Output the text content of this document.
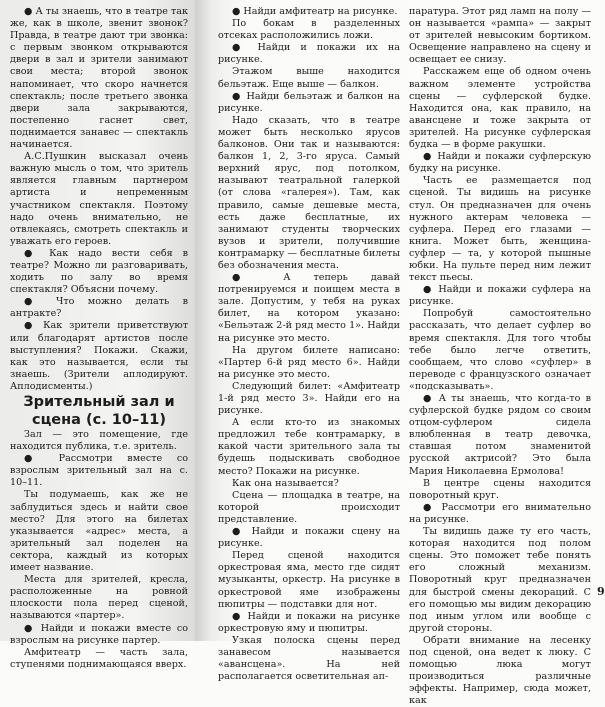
● А ты знаешь, что в театре так же, как в школе, звенит звонок? Правда, в театре дают три звонка: с первым звонком открываются двери в зал и зрители занимают свои места; второй звонок напоминает, что скоро начнется спектакль; после третьего звонка двери зала закрываются, постепенно гаснет свет, поднимается занавес — спектакль начинается.

А.С.Пушкин высказал очень важную мысль о том, что зритель является главным партнером артиста и непременным участником спектакля. Поэтому надо очень внимательно, не отвлекаясь, смотреть спектакль и уважать его героев.

● Как надо вести себя в театре? Можно ли разговаривать, ходить по залу во время спектакля? Объясни почему.

● Что можно делать в антракте?

● Как зрители приветствуют или благодарят артистов после выступления? Покажи. Скажи, как это называется, если ты знаешь. (Зрители аплодируют. Аплодисменты.)

Зрительный зал и сцена (с. 10–11)

Зал — это помещение, где находится публика, т.е. зритель.

● Рассмотри вместе со взрослым зрительный зал на с. 10–11.

Ты подумаешь, как же не заблудиться здесь и найти свое место? Для этого на билетах указывается «адрес» места, а зрительный зал поделен на сектора, каждый из которых имеет название.

Места для зрителей, кресла, расположенные на ровной плоскости пола перед сценой, называются «партер».

● Найди и покажи вместе со взрослым на рисунке партер.

Амфитеатр — часть зала, ступенями поднимающаяся вверх.

● Найди амфитеатр на рисунке.

По бокам в разделенных отсеках расположились ложи.

● Найди и покажи их на рисунке.

Этажом выше находится бельэтаж. Еще выше — балкон.

● Найди бельэтаж и балкон на рисунке.

Надо сказать, что в театре может быть несколько ярусов балконов. Они так и называются: балкон 1, 2, 3-го яруса. Самый верхний ярус, под потолком, называют театральной галеркой (от слова «галерея»). Там, как правило, самые дешевые места, есть даже бесплатные, их занимают студенты творческих вузов и зрители, получившие контрамарку — бесплатные билеты без обозначения места.

● А теперь давай потренируемся и поищем места в зале. Допустим, у тебя на руках билет, на котором указано: «Бельэтаж 2-й ряд место 1». Найди на рисунке это место.

На другом билете написано: «Партер 6-й ряд место 6». Найди на рисунке это место.

Следующий билет: «Амфитеатр 1-й ряд место 3». Найди его на рисунке.

А если кто-то из знакомых предложил тебе контрамарку, в какой части зрительного зала ты будешь подыскивать свободное место? Покажи на рисунке.

Как она называется?

Сцена — площадка в театре, на которой происходит представление.

● Найди и покажи сцену на рисунке.

Перед сценой находится оркестровая яма, место где сидят музыканты, оркестр. На рисунке в оркестровой яме изображены пюпитры — подставки для нот.

● Найди и покажи на рисунке оркестровую яму и пюпитры.

Узкая полоска сцены перед занавесом называется «авансцена». На ней располагается осветительная ап-

паратура. Этот ряд ламп на полу — он называется «рампа» — закрыт от зрителей невысоким бортиком. Освещение направлено на сцену и освещает ее снизу.

Расскажем еще об одном очень важном элементе устройства сцены — суфлерской будке. Находится она, как правило, на авансцене и тоже закрыта от зрителей. На рисунке суфлерская будка — в форме ракушки.

● Найди и покажи суфлерскую будку на рисунке.

Часть ее размещается под сценой. Ты видишь на рисунке стул. Он предназначен для очень нужного актерам человека — суфлера. Перед его глазами — книга. Может быть, женщина-суфлер — та, у которой пышные юбки. На пульте перед ним лежит текст пьесы.

● Найди и покажи суфлера на рисунке.

Попробуй самостоятельно рассказать, что делает суфлер во время спектакля. Для того чтобы тебе было легче ответить, сообщаем, что слово «суфлер» в переводе с французского означает «подсказывать».

● А ты знаешь, что когда-то в суфлерской будке рядом со своим отцом-суфлером сидела влюбленная в театр девочка, ставшая потом знаменитой русской актрисой? Это была Мария Николаевна Ермолова!

В центре сцены находится поворотный круг.

● Рассмотри его внимательно на рисунке.

Ты видишь даже ту его часть, которая находится под полом сцены. Это поможет тебе понять его сложный механизм. Поворотный круг предназначен для быстрой смены декораций. С его помощью мы видим декорацию под иным углом или вообще с другой стороны.

Обрати внимание на лесенку под сценой, она ведет к люку. С помощью люка могут производиться различные эффекты. Например, сюда может, как

9
